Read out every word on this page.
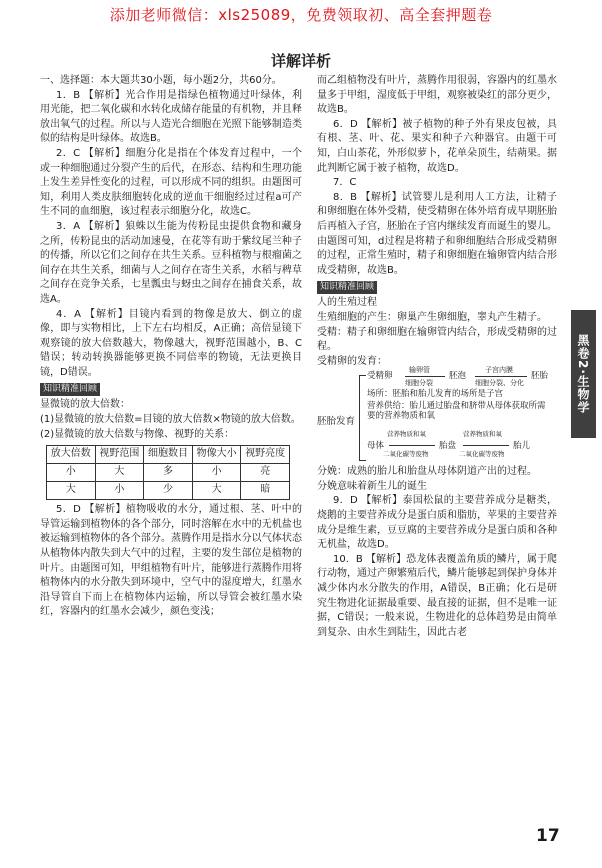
添加老师微信：xls25089，免费领取初、高全套押题卷
详解详析

一、选择题：本大题共30小题，每小题2分，共60分。

1．B 【解析】光合作用是指绿色植物通过叶绿体，利用光能，把二氧化碳和水转化成储存能量的有机物，并且释放出氧气的过程。所以与人造光合细胞在光照下能够制造类似的结构是叶绿体。故选B。

2．C 【解析】细胞分化是指在个体发育过程中，一个或一种细胞通过分裂产生的后代，在形态、结构和生理功能上发生差异性变化的过程，可以形成不同的组织。由题图可知，利用人类皮肤细胞转化成的逆血干细胞经过过程a可产生不同的血细胞，该过程表示细胞分化，故选C。

3．A 【解析】狼蛛以生能为传粉昆虫提供食物和藏身之所，传粉昆虫的活动加速曼，在花等有助于紫纹尾兰种子的传播，所以它们之间存在共生关系。豆科植物与根瘤菌之间存在共生关系，细菌与人之间存在寄生关系，水稻与稗草之间存在竞争关系，七星瓢虫与蚜虫之间存在捕食关系，故选A。

4．A 【解析】目镜内看到的物像是放大、倒立的虚像，即与实物相比，上下左右均相反，A正确；高倍显镜下观察镜的放大倍数越大，物像越大，视野范围越小，B、C错误；转动转换器能够更换不同倍率的物镜，无法更换目镜，D错误。

知识精准回顾

显微镜的放大倍数：

(1)显微镜的放大倍数=目镜的放大倍数×物镜的放大倍数。

(2)显微镜的放大倍数与物像、视野的关系：

放大倍数	视野范围	细胞数目	物像大小	视野亮度
小	大	多	小	亮
大	小	少	大	暗

5．D 【解析】植物吸收的水分，通过根、茎、叶中的导管运输到植物体的各个部分，同时溶解在水中的无机盐也被运输到植物体的各个部分。蒸腾作用是指水分以气体状态从植物体内散失到大气中的过程，主要的发生部位是植物的叶片。由题图可知，甲组植物有叶片，能够进行蒸腾作用将植物体内的水分散失到环境中，空气中的湿度增大，红墨水沿导管自下而上在植物体内运输，所以导管会被红墨水染红，容器内的红墨水会减少，颜色变浅；

而乙组植物没有叶片，蒸腾作用很弱，容器内的红墨水量多于甲组，湿度低于甲组，观察被染红的部分更少，故选B。

6．D 【解析】被子植物的种子外有果皮包被，具有根、茎、叶、花、果实和种子六种器官。由题干可知，白山茶花，外形似萝卜，花单朵顶生，结蒴果。据此判断它属于被子植物，故选D。

7．C

8．B 【解析】试管婴儿是利用人工方法，让精子和卵细胞在体外受精，使受精卵在体外培育成早期胚胎后再植入子宫，胚胎在子宫内继续发育而诞生的婴儿。由题图可知，d过程是将精子和卵细胞结合形成受精卵的过程，正常生殖时，精子和卵细胞在输卵管内结合形成受精卵，故选B。

知识精准回顾

人的生殖过程

生殖细胞的产生：卵巢产生卵细胞，睾丸产生精子。

受精：精子和卵细胞在输卵管内结合，形成受精卵的过程。

受精卵的发育：

胚胎发育
受精卵
输卵管
细胞分裂
胚泡
子宫内膜
细胞分裂、分化
胚胎
场所：胚胎和胎儿发育的场所是子宫
营养供给：胎儿通过胎盘和脐带从母体获取所需要的营养物质和氧
母体
营养物质和氧
二氧化碳等废物
胎盘
营养物质和氧
二氧化碳等废物
胎儿

分娩：成熟的胎儿和胎盘从母体阴道产出的过程。

分娩意味着新生儿的诞生

9．D 【解析】泰国松鼠的主要营养成分是糖类，烧鹅的主要营养成分是蛋白质和脂肪，苹果的主要营养成分是维生素，豆豆腐的主要营养成分是蛋白质和各种无机盐，故选D。

10．B 【解析】恐龙体表覆盖角质的鳞片，属于爬行动物，通过产卵繁殖后代，鳞片能够起到保护身体并减少体内水分散失的作用，A错误，B正确；化石是研究生物进化证据最重要、最直接的证据，但不是唯一证据，C错误；一般来说，生物进化的总体趋势是由简单到复杂、由水生到陆生，因此古老

黑卷2·生物学
17
